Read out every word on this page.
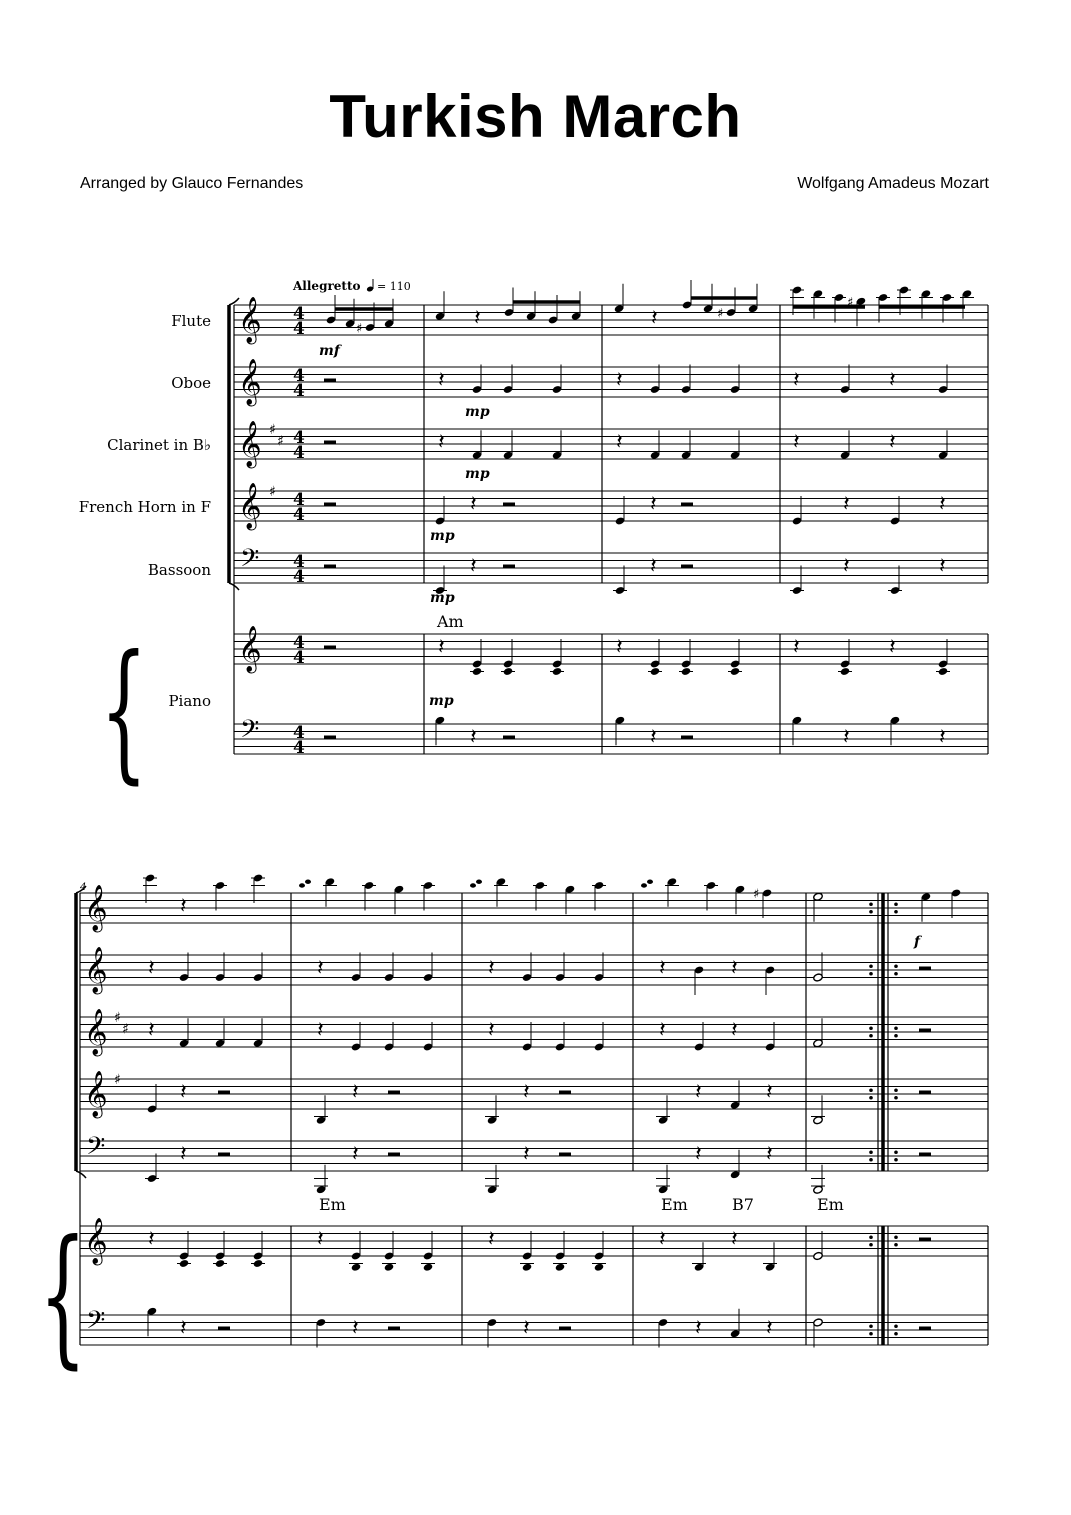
Turkish March
Arranged by Glauco Fernandes	Wolfgang Amadeus Mozart
Allegretto = 110
Flute
Oboe
Clarinet in B♭
French Horn in F
Bassoon
Piano
{
𝄞 4
4
𝄞 4
4
𝄞 ♯
♯ 4
4
𝄞 ♯ 4
4
𝄢 4
4
𝄞 4
4
𝄢 4
4
♯	𝄽	𝄽	♯
♯
𝄽	𝄽	𝄽	𝄽
𝄽	𝄽	𝄽	𝄽
𝄽	𝄽	𝄽	𝄽
𝄽	𝄽	𝄽	𝄽
𝄽	𝄽	𝄽	𝄽
𝄽	𝄽	𝄽	𝄽
Am
mf
mp
mp
mp
mp
mp
4
𝄞
𝄞
𝄞 ♯
♯
𝄞 ♯
𝄢
𝄞
𝄢
{
𝄽	♯
𝄽	𝄽	𝄽	𝄽	𝄽
𝄽	𝄽	𝄽	𝄽	𝄽
𝄽	𝄽	𝄽	𝄽	𝄽
𝄽	𝄽	𝄽	𝄽	𝄽
𝄽	𝄽	𝄽	𝄽	𝄽
𝄽	𝄽	𝄽	𝄽	𝄽
Em	Em	B7	Em
f
